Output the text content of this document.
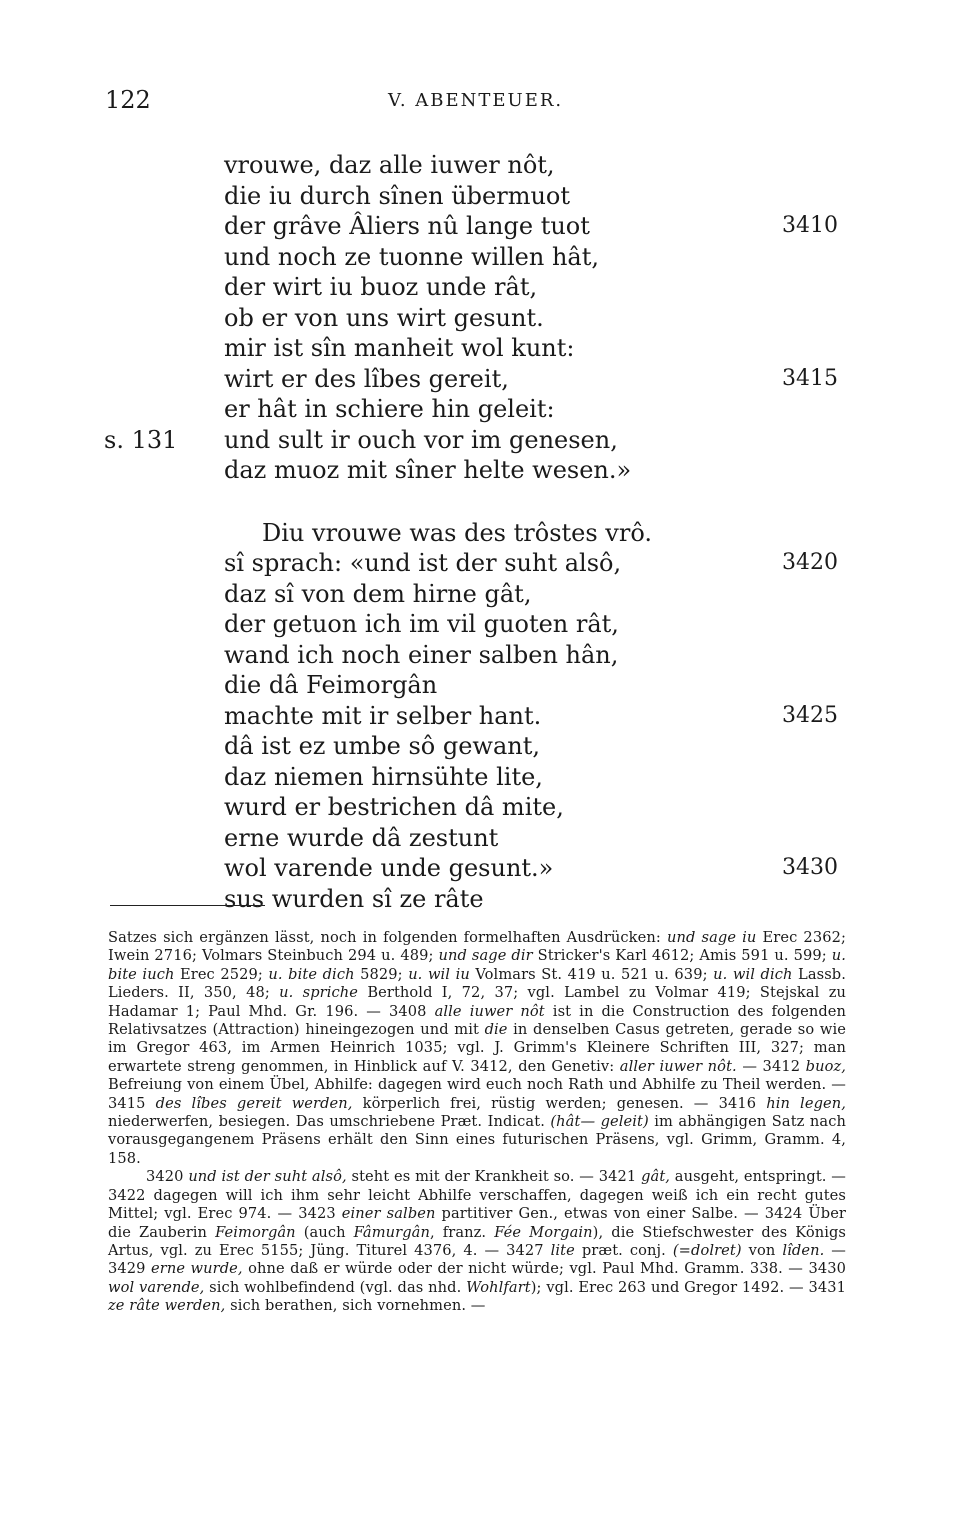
122	V. ABENTEUER.
vrouwe, daz alle iuwer nôt,
die iu durch sînen übermuot
der grâve Âliers nû lange tuot	3410
und noch ze tuonne willen hât,
der wirt iu buoz unde rât,
ob er von uns wirt gesunt.
mir ist sîn manheit wol kunt:
wirt er des lîbes gereit,	3415
er hât in schiere hin geleit:
s. 131 und sult ir ouch vor im genesen,
daz muoz mit sîner helte wesen.»
Diu vrouwe was des trôstes vrô.
sî sprach: «und ist der suht alsô,	3420
daz sî von dem hirne gât,
der getuon ich im vil guoten rât,
wand ich noch einer salben hân,
die dâ Feimorgân
machte mit ir selber hant.	3425
dâ ist ez umbe sô gewant,
daz niemen hirnsühte lite,
wurd er bestrichen dâ mite,
erne wurde dâ zestunt
wol varende unde gesunt.»	3430
sus wurden sî ze râte

Satzes sich ergänzen lässt, noch in folgenden formelhaften Ausdrücken: und sage iu Erec 2362; Iwein 2716; Volmars Steinbuch 294 u. 489; und sage dir Stricker's Karl 4612; Amis 591 u. 599; u. bite iuch Erec 2529; u. bite dich 5829; u. wil iu Volmars St. 419 u. 521 u. 639; u. wil dich Lassb. Lieders. II, 350, 48; u. spriche Berthold I, 72, 37; vgl. Lambel zu Volmar 419; Stejskal zu Hadamar 1; Paul Mhd. Gr. 196. — 3408 alle iuwer nôt ist in die Construction des folgenden Relativsatzes (Attraction) hineingezogen und mit die in denselben Casus getreten, gerade so wie im Gregor 463, im Armen Heinrich 1035; vgl. J. Grimm's Kleinere Schriften III, 327; man erwartete streng genommen, in Hinblick auf V. 3412, den Genetiv: aller iuwer nôt. — 3412 buoz, Befreiung von einem Übel, Abhilfe: dagegen wird euch noch Rath und Abhilfe zu Theil werden. — 3415 des lîbes gereit werden, körperlich frei, rüstig werden; genesen. — 3416 hin legen, niederwerfen, besiegen. Das umschriebene Præt. Indicat. (hât— geleit) im abhängigen Satz nach vorausgegangenem Präsens erhält den Sinn eines futurischen Präsens, vgl. Grimm, Gramm. 4, 158.

3420 und ist der suht alsô, steht es mit der Krankheit so. — 3421 gât, ausgeht, entspringt. — 3422 dagegen will ich ihm sehr leicht Abhilfe verschaffen, dagegen weiß ich ein recht gutes Mittel; vgl. Erec 974. — 3423 einer salben partitiver Gen., etwas von einer Salbe. — 3424 Über die Zauberin Feimorgân (auch Fâmurgân, franz. Fée Morgain), die Stiefschwester des Königs Artus, vgl. zu Erec 5155; Jüng. Titurel 4376, 4. — 3427 lite præt. conj. (=dolret) von lîden. — 3429 erne wurde, ohne daß er würde oder der nicht würde; vgl. Paul Mhd. Gramm. 338. — 3430 wol varende, sich wohlbefindend (vgl. das nhd. Wohlfart); vgl. Erec 263 und Gregor 1492. — 3431 ze râte werden, sich berathen, sich vornehmen. —
